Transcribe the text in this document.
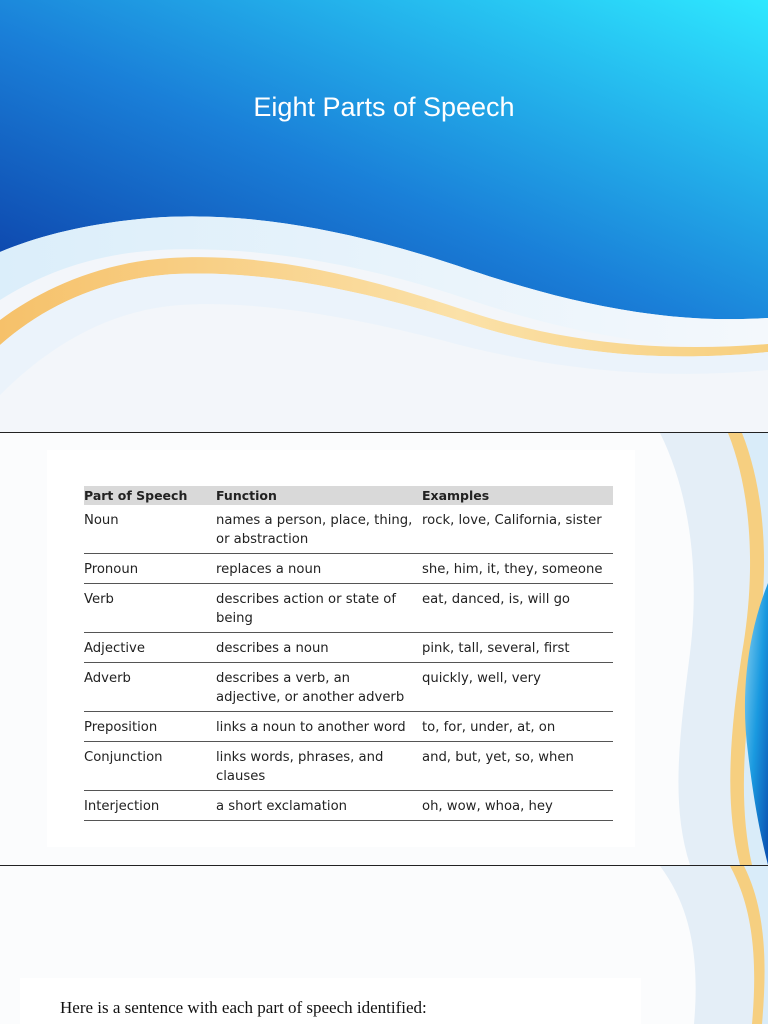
Eight Parts of Speech
Part of Speech	Function	Examples
Noun	names a person, place, thing, or abstraction	rock, love, California, sister
Pronoun	replaces a noun	she, him, it, they, someone
Verb	describes action or state of being	eat, danced, is, will go
Adjective	describes a noun	pink, tall, several, first
Adverb	describes a verb, an adjective, or another adverb	quickly, well, very
Preposition	links a noun to another word	to, for, under, at, on
Conjunction	links words, phrases, and clauses	and, but, yet, so, when
Interjection	a short exclamation	oh, wow, whoa, hey
Here is a sentence with each part of speech identified:
